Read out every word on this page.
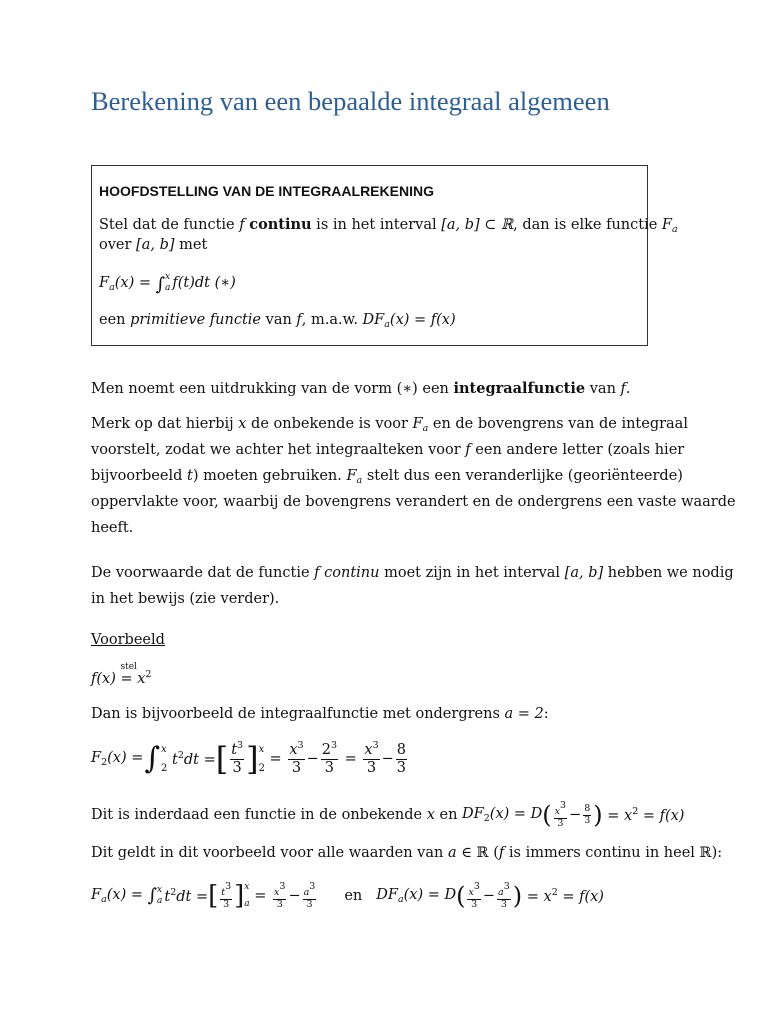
Berekening van een bepaalde integraal algemeen
HOOFDSTELLING VAN DE INTEGRAALREKENING
Stel dat de functie f continu is in het interval [a, b] ⊂ ℝ, dan is elke functie $F_a$
over [a, b] met
$F_a(x)$ = ∫ x
a f(t)dt (∗)
een primitieve functie van f, m.a.w. $DF_a(x) = f(x)$
Men noemt een uitdrukking van de vorm (∗) een integraalfunctie van f.
Merk op dat hierbij x de onbekende is voor $F_a$ en de bovengrens van de integraal
voorstelt, zodat we achter het integraalteken voor f een andere letter (zoals hier
bijvoorbeeld t) moeten gebruiken. $F_a$ stelt dus een veranderlijke (georiënteerde)
oppervlakte voor, waarbij de bovengrens verandert en de ondergrens een vaste waarde
heeft.
De voorwaarde dat de functie f continu moet zijn in het interval [a, b] hebben we nodig
in het bewijs (zie verder).
Voorbeeld
f(x)
stel
= $x^2$
Dan is bijvoorbeeld de integraalfunctie met ondergrens a = 2:
$F_2(x)$ = ∫ x
2
$t^2dt$ = [ $\frac{t^3}{3}$ ] x
2
= $\frac{x^3}{3} - \frac{2^3}{3} = \frac{x^3}{3} - \frac{8}{3}$
Dit is inderdaad een functie in de onbekende
x
en
$DF_2(x) = D$ ( $\frac{x3}{3} - \frac{8}{3}$ ) = $x^2 = f(x)$
Dit geldt in dit voorbeeld voor alle waarden van a ∈ ℝ (f is immers continu in heel ℝ):
$F_a(x)$ =
∫ x
a $t^2dt$ = [ $\frac{t3}{3}$ ] x
a
= $\frac{x3}{3} - \frac{a3}{3}$ en $DF_a(x) = D$ ( $\frac{x3}{3} - \frac{a3}{3}$ ) = $x^2 = f(x)$
